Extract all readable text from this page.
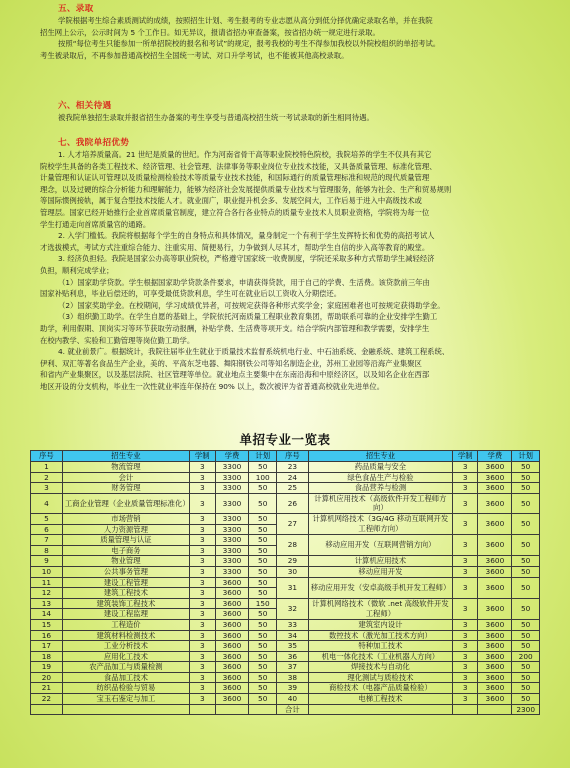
五、录取
学院根据考生综合素质测试的成绩，按照招生计划、考生报考的专业志愿从高分到低分择优确定录取名单，并在我院
招生网上公示，公示时间为 5 个工作日。如无异议，报请省招办审查备案，按省招办统一规定进行录取。
按照“每位考生只能参加一所单招院校的报名和考试”的规定，报考我校的考生不得参加我校以外院校组织的单招考试。
考生被录取后，不再参加普通高校招生全国统一考试、对口升学考试，也不能被其他高校录取。
六、相关待遇
被我院单独招生录取并报省招生办备案的考生享受与普通高校招生统一考试录取的新生相同待遇。
七、我院单招优势
1. 人才培养质量高。21 世纪是质量的世纪。作为河南省骨干高等职业院校特色院校，我院培养的学生不仅具有其它
院校学生具备的各类工程技术、经济管理、社会管理、法律事务等职业岗位专业技术技能，又具备质量管理、标准化管理、
计量管理和认证认可管理以及质量检测检验技术等质量专业技术技能，和国际通行的质量管理标准和规范的现代质量管理
理念，以及过硬的综合分析能力和理解能力，能够为经济社会发展提供质量专业技术与管理服务，能够为社会、生产和贸易规则
等国际惯例接轨，属于复合型技术技能人才。就业面广，职业提升机会多、发展空间大，工作后易于进入中高级技术或
管理层。国家已经开始推行企业首席质量官制度，建立符合各行各业特点的质量专业技术人员职业资格，学院将为每一位
学生打通走向首席质量官的通路。
2. 入学门槛低。我院将根据每个学生的自身特点和具体情况，量身制定一个有利于学生发挥特长和优势的高招考试人
才选拔模式，考试方式注重综合能力、注重实用、简便易行，力争做到人尽其才，帮助学生自信的步入高等教育的殿堂。
3. 经济负担轻。我院是国家公办高等职业院校，严格遵守国家统一收费制度，学院还采取多种方式帮助学生减轻经济
负担，顺利完成学业；
（1）国家助学贷款。学生根据国家助学贷款条件要求，申请获得贷款，用于自己的学费、生活费。该贷款前三年由
国家补贴利息，毕业后偿还的，可享受最低贷款利息，学生可在就业后以工资收入分期偿还。
（2）国家奖助学金。在校期间，学习成绩优异者，可按规定获得各种形式奖学金；家庭困难者也可按规定获得助学金。
（3）组织勤工助学。在学生自愿的基础上，学院依托河南质量工程职业教育集团，帮助联系可靠的企业安排学生勤工
助学，利用假期、顶岗实习等环节获取劳动报酬，补贴学费、生活费等项开支。结合学院内部管理和教学需要，安排学生
在校内教学、实验和工勤管理等岗位勤工助学。
4. 就业前景广。根据统计，我院往届毕业生就业于质量技术监督系统机电行业、中石油系统、金融系统、建筑工程系统、
伊利、双汇等著名食品生产企业，美的、平高东芝电器、舞阳钢铁公司等知名制造企业，苏州工业园等沿海产业集聚区
和省内产业集聚区，以及基层法院、社区管理等单位。就业地点主要集中在东南沿海和中原经济区，以及知名企业在西部
地区开设的分支机构，毕业生一次性就业率连年保持在 90% 以上，数次被评为省普通高校就业先进单位。
单招专业一览表
序号	招生专业	学制	学费	计划	序号	招生专业	学制	学费	计划
1	物流管理	3	3300	50	23	药品质量与安全	3	3600	50
2	会计	3	3300	100	24	绿色食品生产与检验	3	3600	50
3	财务管理	3	3300	50	25	食品营养与检测	3	3600	50
4	工商企业管理（企业质量管理标准化）	3	3300	50	26	计算机应用技术（高级软件开发工程师方向）	3	3600	50
5	市场营销	3	3300	50	27	计算机网络技术（3G/4G 移动互联网开发工程师方向）	3	3600	50
6	人力资源管理	3	3300	50					
7	质量管理与认证	3	3300	50	28	移动应用开发（互联网营销方向）	3	3600	50
8	电子商务	3	3300	50					
9	物业管理	3	3300	50	29	计算机应用技术	3	3600	50
10	公共事务管理	3	3300	50	30	移动应用开发	3	3600	50
11	建设工程管理	3	3600	50	31	移动应用开发（安卓高级手机开发工程师）	3	3600	50
12	建筑工程技术	3	3600	50					
13	建筑装饰工程技术	3	3600	150	32	计算机网络技术（微软 .net 高级软件开发工程师）	3	3600	50
14	建设工程监理	3	3600	50					
15	工程造价	3	3600	50	33	建筑室内设计	3	3600	50
16	建筑材料检测技术	3	3600	50	34	数控技术（激光加工技术方向）	3	3600	50
17	工业分析技术	3	3600	50	35	特种加工技术	3	3600	50
18	应用化工技术	3	3600	50	36	机电一体化技术（工业机器人方向）	3	3600	200
19	农产品加工与质量检测	3	3600	50	37	焊接技术与自动化	3	3600	50
20	食品加工技术	3	3600	50	38	理化测试与质检技术	3	3600	50
21	纺织品检验与贸易	3	3600	50	39	商检技术（电器产品质量检验）	3	3600	50
22	宝玉石鉴定与加工	3	3600	50	40	电梯工程技术	3	3600	50
					合计				2300
